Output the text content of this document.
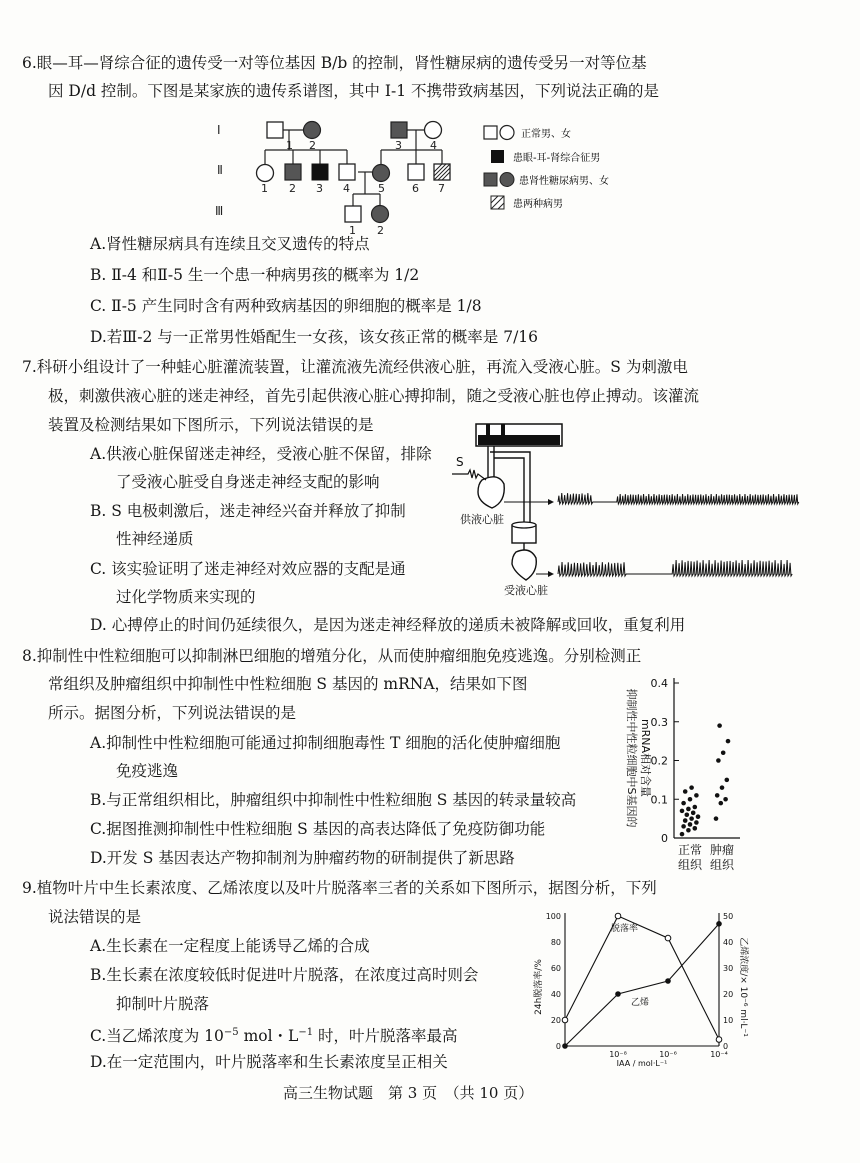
6.眼—耳—肾综合征的遗传受一对等位基因 B/b 的控制，肾性糖尿病的遗传受另一对等位基
因 D/d 控制。下图是某家族的遗传系谱图，其中 I-1 不携带致病基因，下列说法正确的是
Ⅰ
Ⅱ
Ⅲ
1 2	3	4
1 2 3 4	5 6 7
1 2
正常男、女
患眼-耳-肾综合征男
患肾性糖尿病男、女
患两种病男
A.肾性糖尿病具有连续且交叉遗传的特点
B. Ⅱ-4 和Ⅱ-5 生一个患一种病男孩的概率为 1/2
C. Ⅱ-5 产生同时含有两种致病基因的卵细胞的概率是 1/8
D.若Ⅲ-2 与一正常男性婚配生一女孩，该女孩正常的概率是 7/16
7.科研小组设计了一种蛙心脏灌流装置，让灌流液先流经供液心脏，再流入受液心脏。S 为刺激电
极，刺激供液心脏的迷走神经，首先引起供液心脏心搏抑制，随之受液心脏也停止搏动。该灌流
装置及检测结果如下图所示，下列说法错误的是
A.供液心脏保留迷走神经，受液心脏不保留，排除
了受液心脏受自身迷走神经支配的影响
B. S 电极刺激后，迷走神经兴奋并释放了抑制
性神经递质
C. 该实验证明了迷走神经对效应器的支配是通
过化学物质来实现的
S
供液心脏
受液心脏
D. 心搏停止的时间仍延续很久，是因为迷走神经释放的递质未被降解或回收，重复利用
8.抑制性中性粒细胞可以抑制淋巴细胞的增殖分化，从而使肿瘤细胞免疫逃逸。分别检测正
常组织及肿瘤组织中抑制性中性粒细胞 S 基因的 mRNA，结果如下图
所示。据图分析，下列说法错误的是
A.抑制性中性粒细胞可能通过抑制细胞毒性 T 细胞的活化使肿瘤细胞
免疫逃逸
B.与正常组织相比，肿瘤组织中抑制性中性粒细胞 S 基因的转录量较高
C.据图推测抑制性中性粒细胞 S 基因的高表达降低了免疫防御功能
D.开发 S 基因表达产物抑制剂为肿瘤药物的研制提供了新思路
抑制性中性粒细胞中S基因的 mRNA相对含量
0
0.1
0.2
0.3
0.4
正常
组织
肿瘤
组织
9.植物叶片中生长素浓度、乙烯浓度以及叶片脱落率三者的关系如下图所示，据图分析，下列
说法错误的是
A.生长素在一定程度上能诱导乙烯的合成
B.生长素在浓度较低时促进叶片脱落，在浓度过高时则会
抑制叶片脱落
C.当乙烯浓度为 $10^{-5}$ mol・$L^{-1}$ 时，叶片脱落率最高
D.在一定范围内，叶片脱落率和生长素浓度呈正相关
24h脱落率/%	乙烯浓度/× 10⁻⁶ ml·L⁻¹
0
20
40
60
80
100
0
10
20
30
40
50
10⁻⁸	10⁻⁶	10⁻⁴
脱落率
乙烯
IAA / mol·L⁻¹
高三生物试题　第 3 页　（共 10 页）
